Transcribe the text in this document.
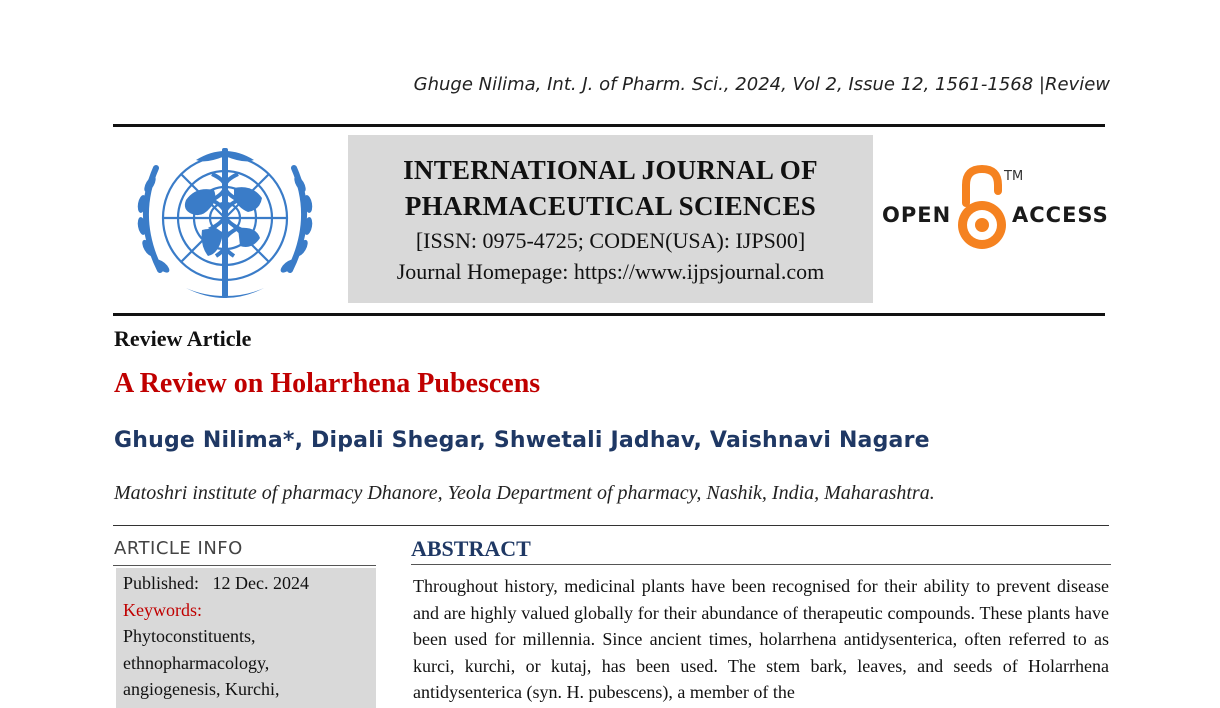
Ghuge Nilima, Int. J. of Pharm. Sci., 2024, Vol 2, Issue 12, 1561-1568 |Review
INTERNATIONAL JOURNAL OF
PHARMACEUTICAL SCIENCES
[ISSN: 0975-4725; CODEN(USA): IJPS00]
Journal Homepage: https://www.ijpsjournal.com
OPEN
TM
ACCESS
Review Article
A Review on Holarrhena Pubescens
Ghuge Nilima*, Dipali Shegar, Shwetali Jadhav, Vaishnavi Nagare
Matoshri institute of pharmacy Dhanore, Yeola Department of pharmacy, Nashik, India, Maharashtra.
ARTICLE INFO
Published: 12 Dec. 2024
Keywords:
Phytoconstituents,
ethnopharmacology,
angiogenesis, Kurchi,
ABSTRACT

Throughout history, medicinal plants have been recognised for their ability to prevent disease and are highly valued globally for their abundance of therapeutic compounds. These plants have been used for millennia. Since ancient times, holarrhena antidysenterica, often referred to as kurci, kurchi, or kutaj, has been used. The stem bark, leaves, and seeds of Holarrhena antidysenterica (syn. H. pubescens), a member of the
